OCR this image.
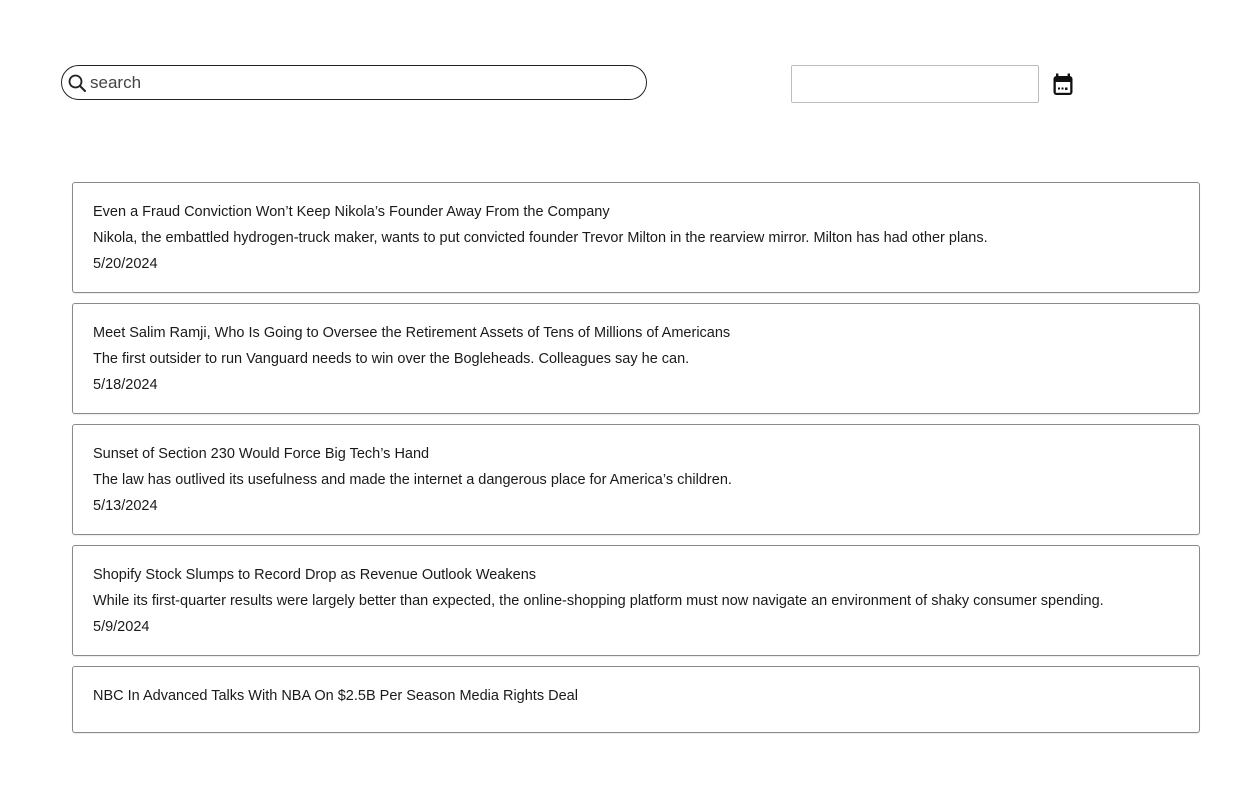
search
Even a Fraud Conviction Won’t Keep Nikola’s Founder Away From the Company
Nikola, the embattled hydrogen-truck maker, wants to put convicted founder Trevor Milton in the rearview mirror. Milton has had other plans.
5/20/2024
Meet Salim Ramji, Who Is Going to Oversee the Retirement Assets of Tens of Millions of Americans
The first outsider to run Vanguard needs to win over the Bogleheads. Colleagues say he can.
5/18/2024
Sunset of Section 230 Would Force Big Tech’s Hand
The law has outlived its usefulness and made the internet a dangerous place for America’s children.
5/13/2024
Shopify Stock Slumps to Record Drop as Revenue Outlook Weakens
While its first-quarter results were largely better than expected, the online-shopping platform must now navigate an environment of shaky consumer spending.
5/9/2024
NBC In Advanced Talks With NBA On $2.5B Per Season Media Rights Deal
